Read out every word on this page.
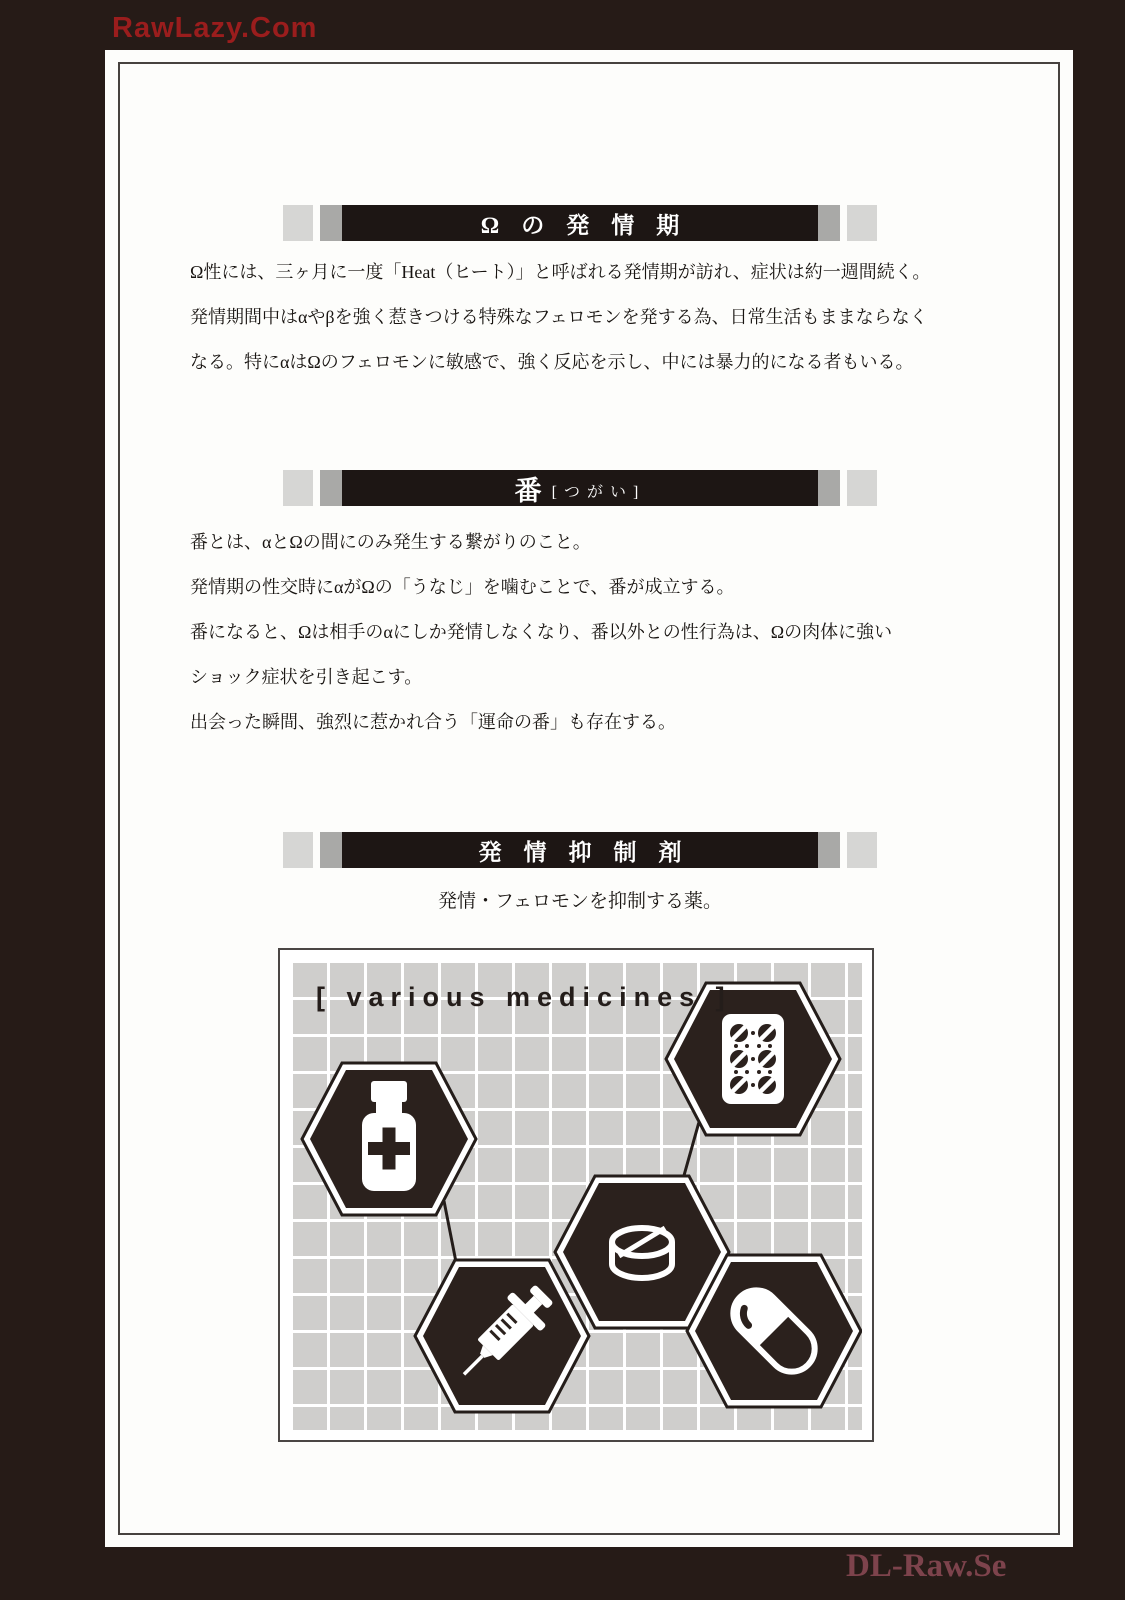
RawLazy.Com
DL-Raw.Se
Ωの発情期
Ω性には、三ヶ月に一度「Heat（ヒート）」と呼ばれる発情期が訪れ、症状は約一週間続く。
発情期間中はαやβを強く惹きつける特殊なフェロモンを発する為、日常生活もままならなく
なる。特にαはΩのフェロモンに敏感で、強く反応を示し、中には暴力的になる者もいる。
番 [つがい]
番とは、αとΩの間にのみ発生する繋がりのこと。
発情期の性交時にαがΩの「うなじ」を噛むことで、番が成立する。
番になると、Ωは相手のαにしか発情しなくなり、番以外との性行為は、Ωの肉体に強い
ショック症状を引き起こす。
出会った瞬間、強烈に惹かれ合う「運命の番」も存在する。
発情抑制剤
発情・フェロモンを抑制する薬。
[ various medicines ]
